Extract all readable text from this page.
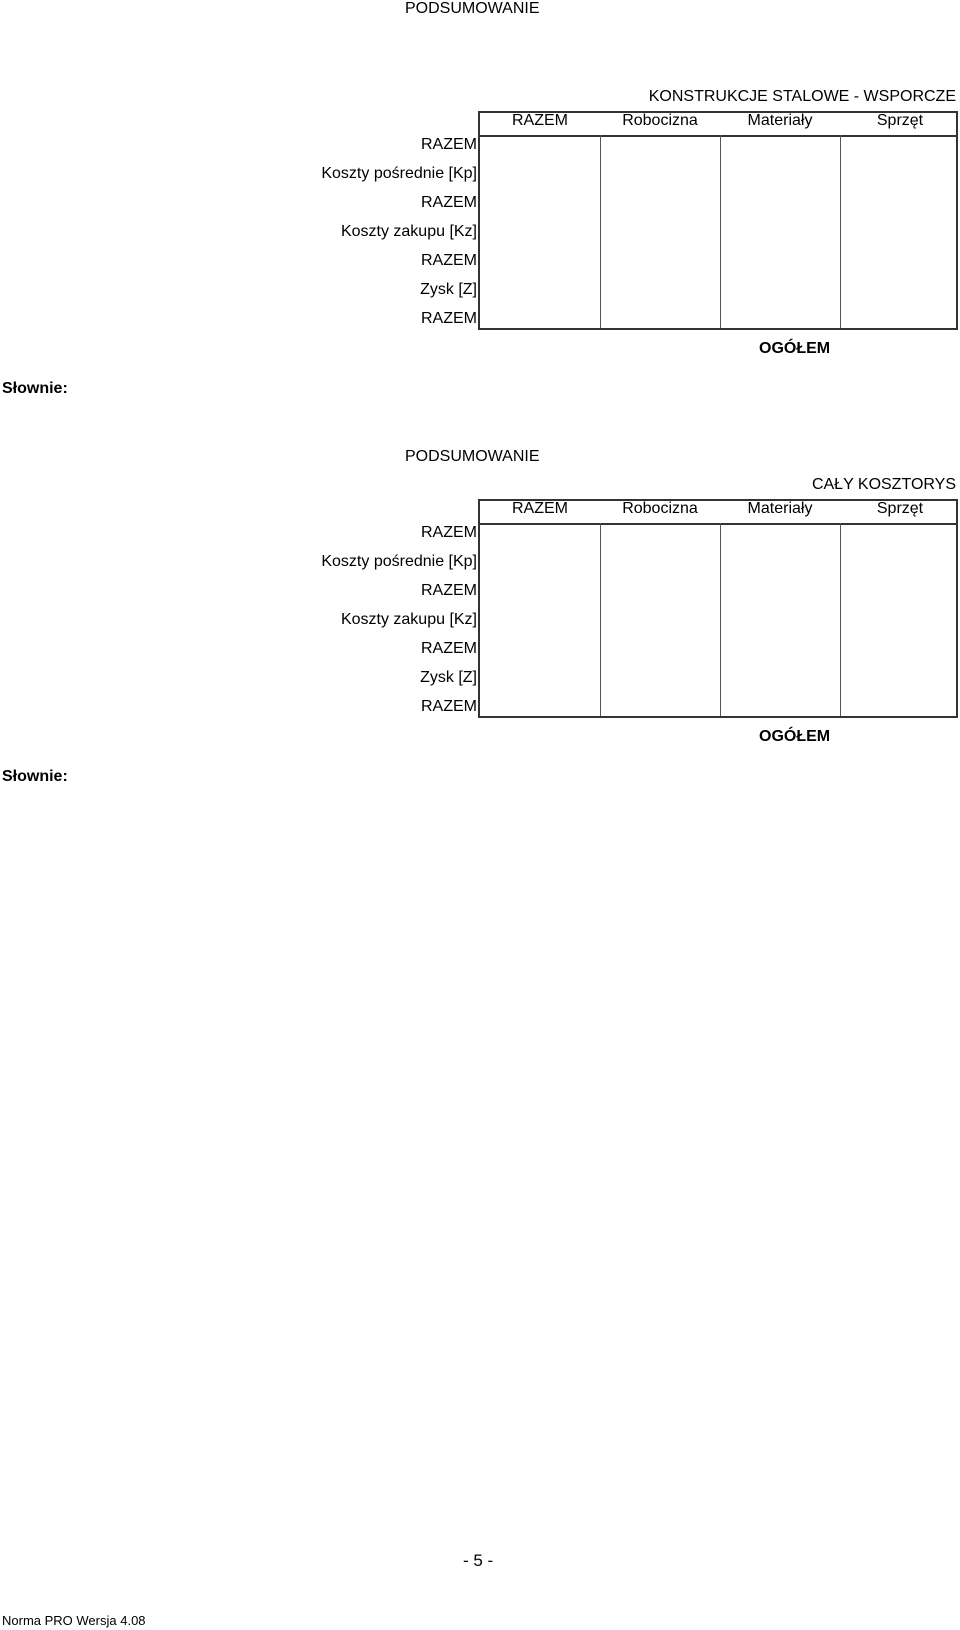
PODSUMOWANIE
KONSTRUKCJE STALOWE - WSPORCZE
RAZEM	Robocizna	Materiały	Sprzęt
RAZEM
Koszty pośrednie [Kp]
RAZEM
Koszty zakupu [Kz]
RAZEM
Zysk [Z]
RAZEM
OGÓŁEM
Słownie:
PODSUMOWANIE
CAŁY KOSZTORYS
RAZEM	Robocizna	Materiały	Sprzęt
RAZEM
Koszty pośrednie [Kp]
RAZEM
Koszty zakupu [Kz]
RAZEM
Zysk [Z]
RAZEM
OGÓŁEM
Słownie:
- 5 -
Norma PRO Wersja 4.08
